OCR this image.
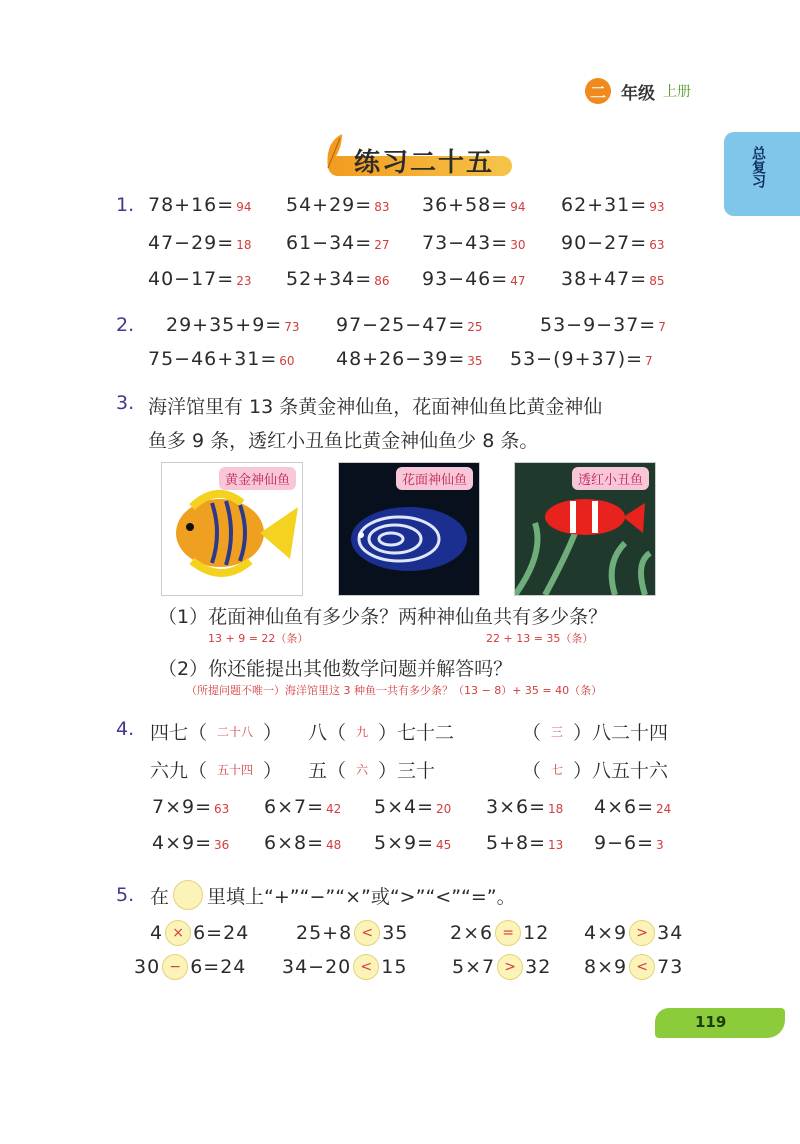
二 年级 上册
总复习
练习二十五
1. 78+16= 94 54+29= 83 36+58= 94 62+31= 93
47−29= 18 61−34= 27 73−43= 30 90−27= 63
40−17= 23 52+34= 86 93−46= 47 38+47= 85
2. 29+35+9= 73 97−25−47= 25	53−9−37= 7
75−46+31= 60 48+26−39= 35 53−(9+37)= 7
3. 海洋馆里有 13 条黄金神仙鱼，花面神仙鱼比黄金神仙
鱼多 9 条，透红小丑鱼比黄金神仙鱼少 8 条。
黄金神仙鱼	花面神仙鱼	透红小丑鱼
（1）花面神仙鱼有多少条？两种神仙鱼共有多少条？
13 + 9 = 22（条）	22 + 13 = 35（条）
（2）你还能提出其他数学问题并解答吗？
（所提问题不唯一）海洋馆里这 3 种鱼一共有多少条？（13 − 8）+ 35 = 40（条）
4. 四七（ 二十八 ） 八（ 九 ）七十二	（ 三 ）八二十四
六九（ 五十四 ） 五（ 六 ）三十	（ 七 ）八五十六
7×9= 63 6×7= 42 5×4= 20 3×6= 18 4×6= 24
4×9= 36 6×8= 48 5×9= 45 5+8= 13 9−6= 3
5. 在 里填上“+”“−”“×”或“>”“<”“=”。
4 × 6=24 25+8 < 35 2×6 = 12 4×9 > 34
30 − 6=24 34−20 < 15 5×7 > 32 8×9 < 73
119
